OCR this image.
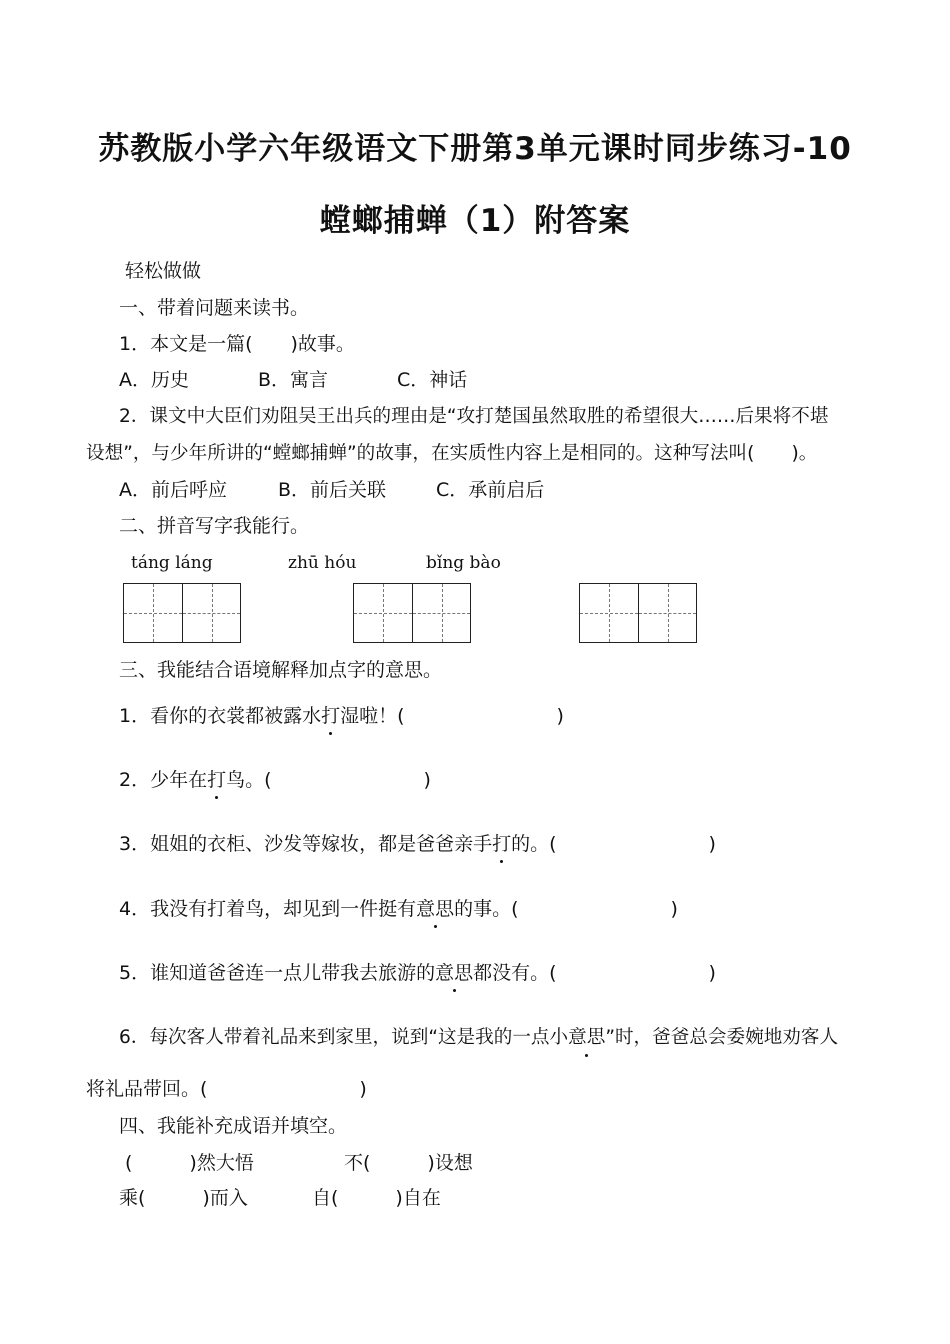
苏教版小学六年级语文下册第3单元课时同步练习-10
螳螂捕蝉（1）附答案
轻松做做
一、带着问题来读书。
1．本文是一篇(　　)故事。
A．历史	B．寓言	C．神话
2．课文中大臣们劝阻吴王出兵的理由是“攻打楚国虽然取胜的希望很大……后果将不堪
设想”，与少年所讲的“螳螂捕蝉”的故事，在实质性内容上是相同的。这种写法叫(　　)。
A．前后呼应	B．前后关联	C．承前启后
二、拼音写字我能行。
táng láng	zhū hóu	bǐng bào
三、我能结合语境解释加点字的意思。
1．看你的衣裳都被露水打湿啦！(　　　　　　　　)
2．少年在打鸟。(　　　　　　　　)
3．姐姐的衣柜、沙发等嫁妆，都是爸爸亲手打的。(　　　　　　　　)
4．我没有打着鸟，却见到一件挺有意思的事。(　　　　　　　　)
5．谁知道爸爸连一点儿带我去旅游的意思都没有。(　　　　　　　　)
6．每次客人带着礼品来到家里，说到“这是我的一点小意思”时，爸爸总会委婉地劝客人
将礼品带回。(　　　　　　　　)
四、我能补充成语并填空。
(　　　)然大悟	不(　　　)设想
乘(　　　)而入	自(　　　)自在
